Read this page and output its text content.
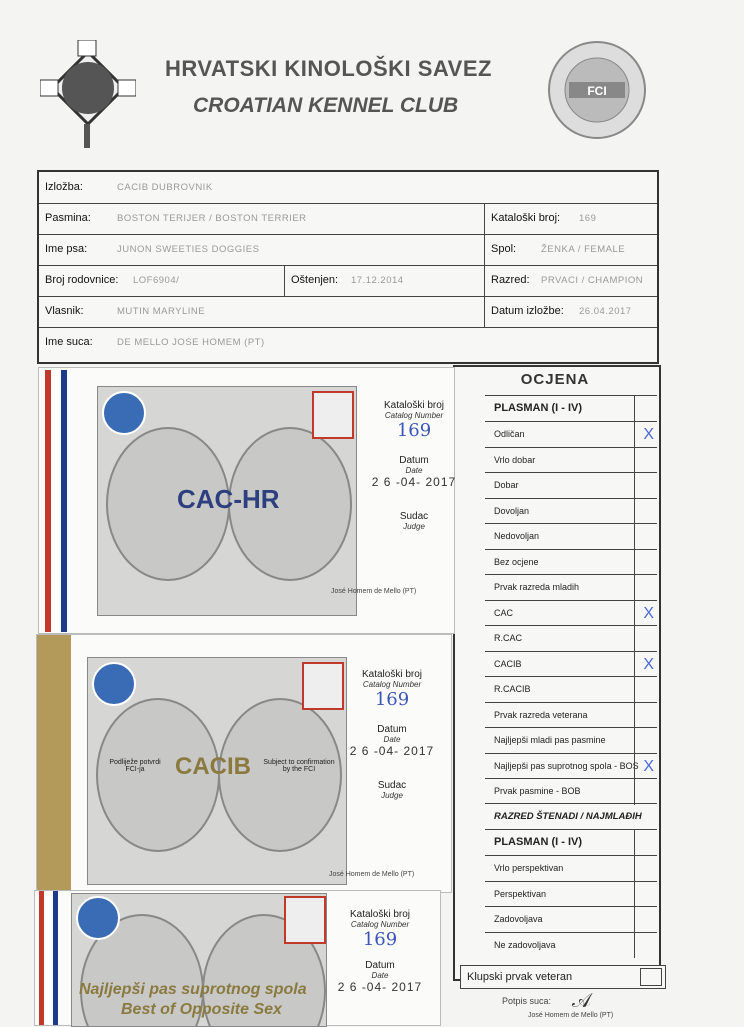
HRVATSKI KINOLOŠKI SAVEZ
CROATIAN KENNEL CLUB
FCI
Izložba:	CACIB DUBROVNIK
Pasmina:	BOSTON TERIJER / BOSTON TERRIER	Kataloški broj: 169
Ime psa:	JUNON SWEETIES DOGGIES	Spol:	ŽENKA / FEMALE
Broj rodovnice: LOF6904/	Oštenjen: 17.12.2014	Razred: PRVACI / CHAMPION
Vlasnik:	MUTIN MARYLINE	Datum izložbe: 26.04.2017
Ime suca:	DE MELLO JOSE HOMEM (PT)
OCJENA
PLASMAN (I - IV)
Odličan	X
Vrlo dobar
Dobar
Dovoljan
Nedovoljan
Bez ocjene
Prvak razreda mladih
CAC	X
R.CAC
CACIB	X
R.CACIB
Prvak razreda veterana
Najljepši mladi pas pasmine
Najljepši pas suprotnog spola - BOS X
Prvak pasmine - BOB
RAZRED ŠTENADI / NAJMLAĐIH
PLASMAN (I - IV)
Vrlo perspektivan
Perspektivan
Zadovoljava
Ne zadovoljava
Klupski prvak veteran
Potpis suca:
José Homem de Mello (PT)
𝒜
CAC-HR
Kataloški broj
Catalog Number
169
Datum
Date
2 6 -04- 2017
Sudac
Judge
José Homem de Mello (PT)
Podliježe potvrdi FCI-ja	CACIB	Subject to confirmation by the FCI
Kataloški broj
Catalog Number
169
Datum
Date
2 6 -04- 2017
Sudac
Judge
José Homem de Mello (PT)
Najljepši pas suprotnog spola
Best of Opposite Sex
Kataloški broj
Catalog Number
169
Datum
Date
2 6 -04- 2017
